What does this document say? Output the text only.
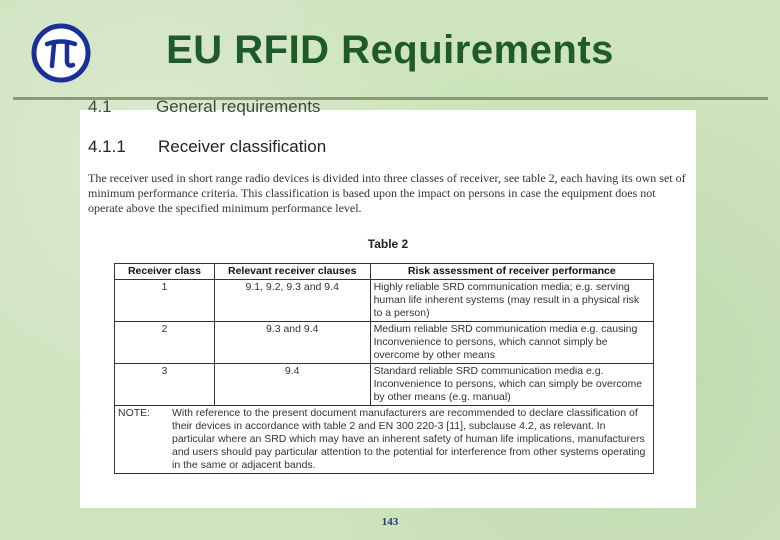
EU RFID Requirements
4.1	General requirements
4.1.1 Receiver classification
The receiver used in short range radio devices is divided into three classes of receiver, see table 2, each having its own set of minimum performance criteria. This classification is based upon the impact on persons in case the equipment does not operate above the specified minimum performance level.
Table 2
Receiver class	Relevant receiver clauses	Risk assessment of receiver performance
1	9.1, 9.2, 9.3 and 9.4	Highly reliable SRD communication media; e.g. serving human life inherent systems (may result in a physical risk to a person)
2	9.3 and 9.4	Medium reliable SRD communication media e.g. causing Inconvenience to persons, which cannot simply be overcome by other means
3	9.4	Standard reliable SRD communication media e.g. Inconvenience to persons, which can simply be overcome by other means (e.g. manual)
NOTE: With reference to the present document manufacturers are recommended to declare classification of their devices in accordance with table 2 and EN 300 220-3 [11], subclause 4.2, as relevant. In particular where an SRD which may have an inherent safety of human life implications, manufacturers and users should pay particular attention to the potential for interference from other systems operating in the same or adjacent bands.		
143
